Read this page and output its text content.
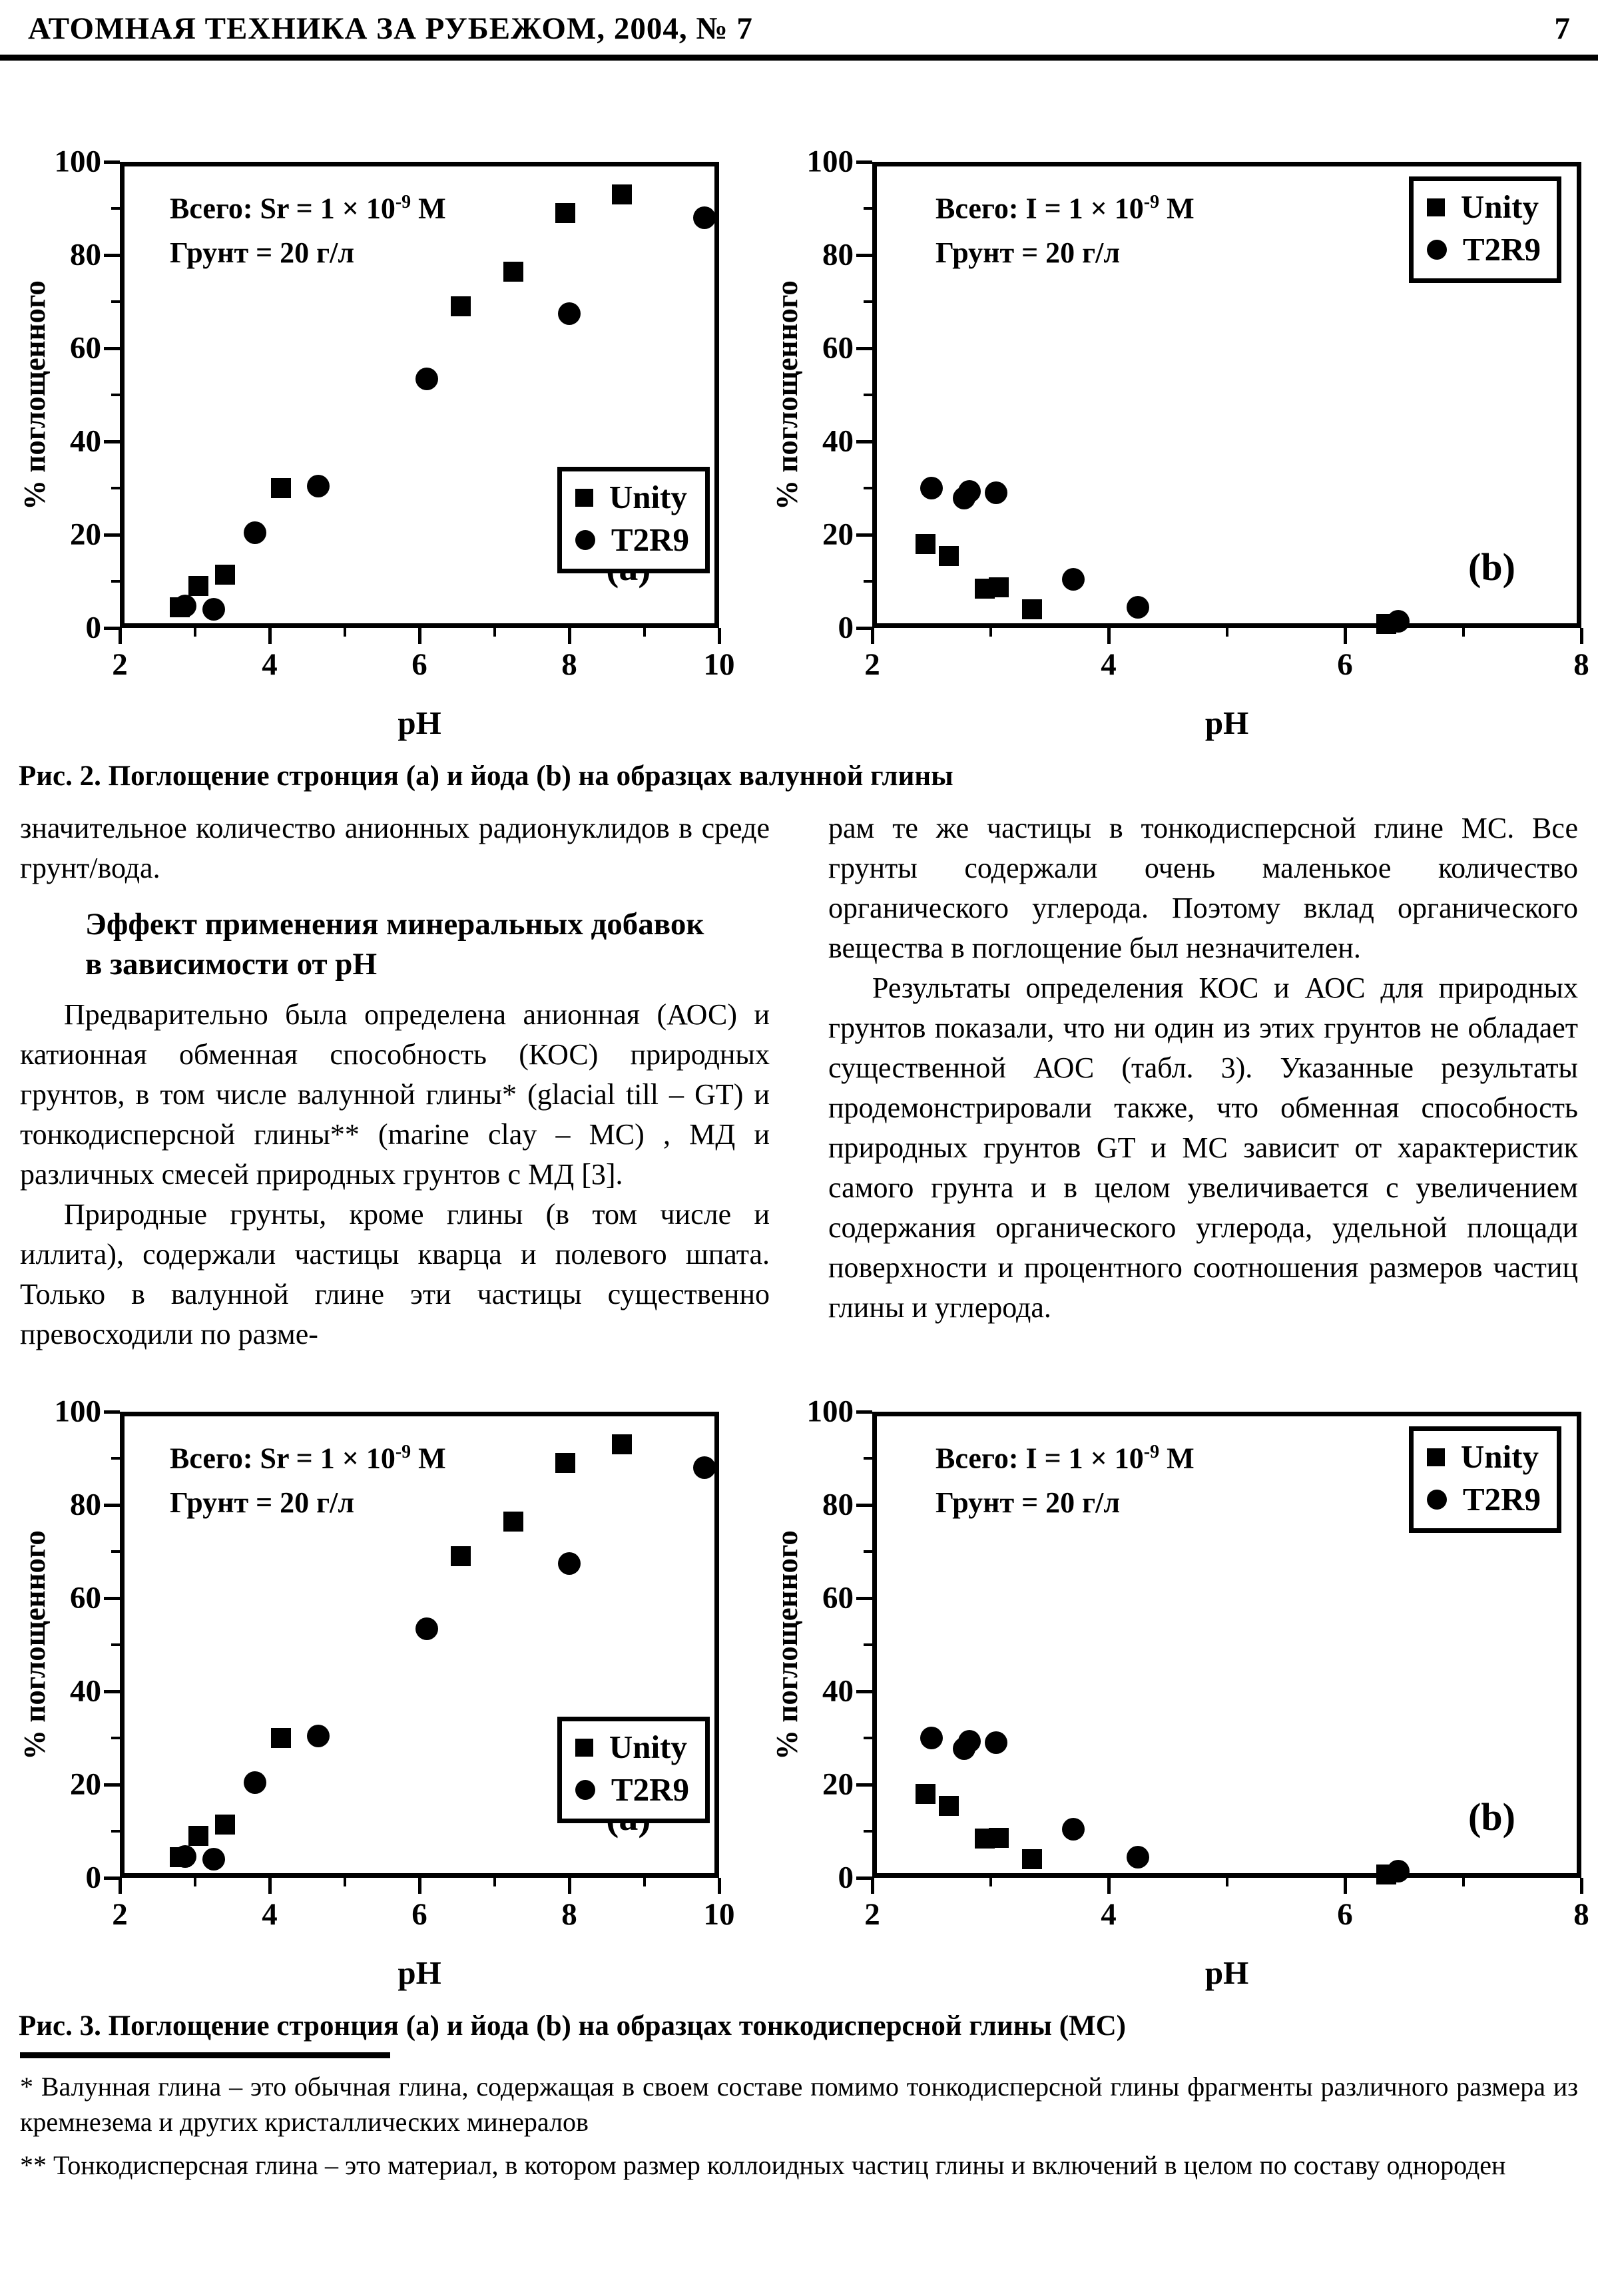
АТОМНАЯ ТЕХНИКА ЗА РУБЕЖОМ, 2004, № 7	7
2	4	6	8	10
0
20
40
60
80
100
Всего: $Sr = 1 \times 10^{-9}$ М
Грунт = 20 г/л
pH
% поглощенного	Unity
T2R9
2	4	6	8
0
20
40
60
80
100
Всего: $I = 1 \times 10^{-9}$ М
Грунт = 20 г/л
(b)
pH
% поглощенного
Unity
T2R9
Рис. 2. Поглощение стронция (a) и йода (b) на образцах валунной глины

значительное количество анионных радионуклидов в среде грунт/вода.

Эффект применения минеральных добавок в зависимости от pH

Предварительно была определена анионная (АОС) и катионная обменная способность (КОС) природных грунтов, в том числе валунной глины* (glacial till – GT) и тонкодисперсной глины** (marine clay – MC) , МД и различных смесей природных грунтов с МД [3].

Природные грунты, кроме глины (в том числе и иллита), содержали частицы кварца и полевого шпата. Только в валунной глине эти частицы существенно превосходили по разме-

рам те же частицы в тонкодисперсной глине МС. Все грунты содержали очень маленькое количество органического углерода. Поэтому вклад органического вещества в поглощение был незначителен.

Результаты определения КОС и АОС для природных грунтов показали, что ни один из этих грунтов не обладает существенной АОС (табл. 3). Указанные результаты продемонстрировали также, что обменная способность природных грунтов GT и МС зависит от характеристик самого грунта и в целом увеличивается с увеличением содержания органического углерода, удельной площади поверхности и процентного соотношения размеров частиц глины и углерода.

2	4	6	8	10
0
20
40
60
80
100
Всего: $Sr = 1 \times 10^{-9}$ М
Грунт = 20 г/л
pH
% поглощенного	Unity
T2R9
2	4	6	8
0
20
40
60
80
100
Всего: $I = 1 \times 10^{-9}$ М
Грунт = 20 г/л
(b)
pH
% поглощенного
Unity
T2R9
Рис. 3. Поглощение стронция (a) и йода (b) на образцах тонкодисперсной глины (МС)

* Валунная глина – это обычная глина, содержащая в своем составе помимо тонкодисперсной глины фрагменты различного размера из кремнезема и других кристаллических минералов

** Тонкодисперсная глина – это материал, в котором размер коллоидных частиц глины и включений в целом по составу однороден
